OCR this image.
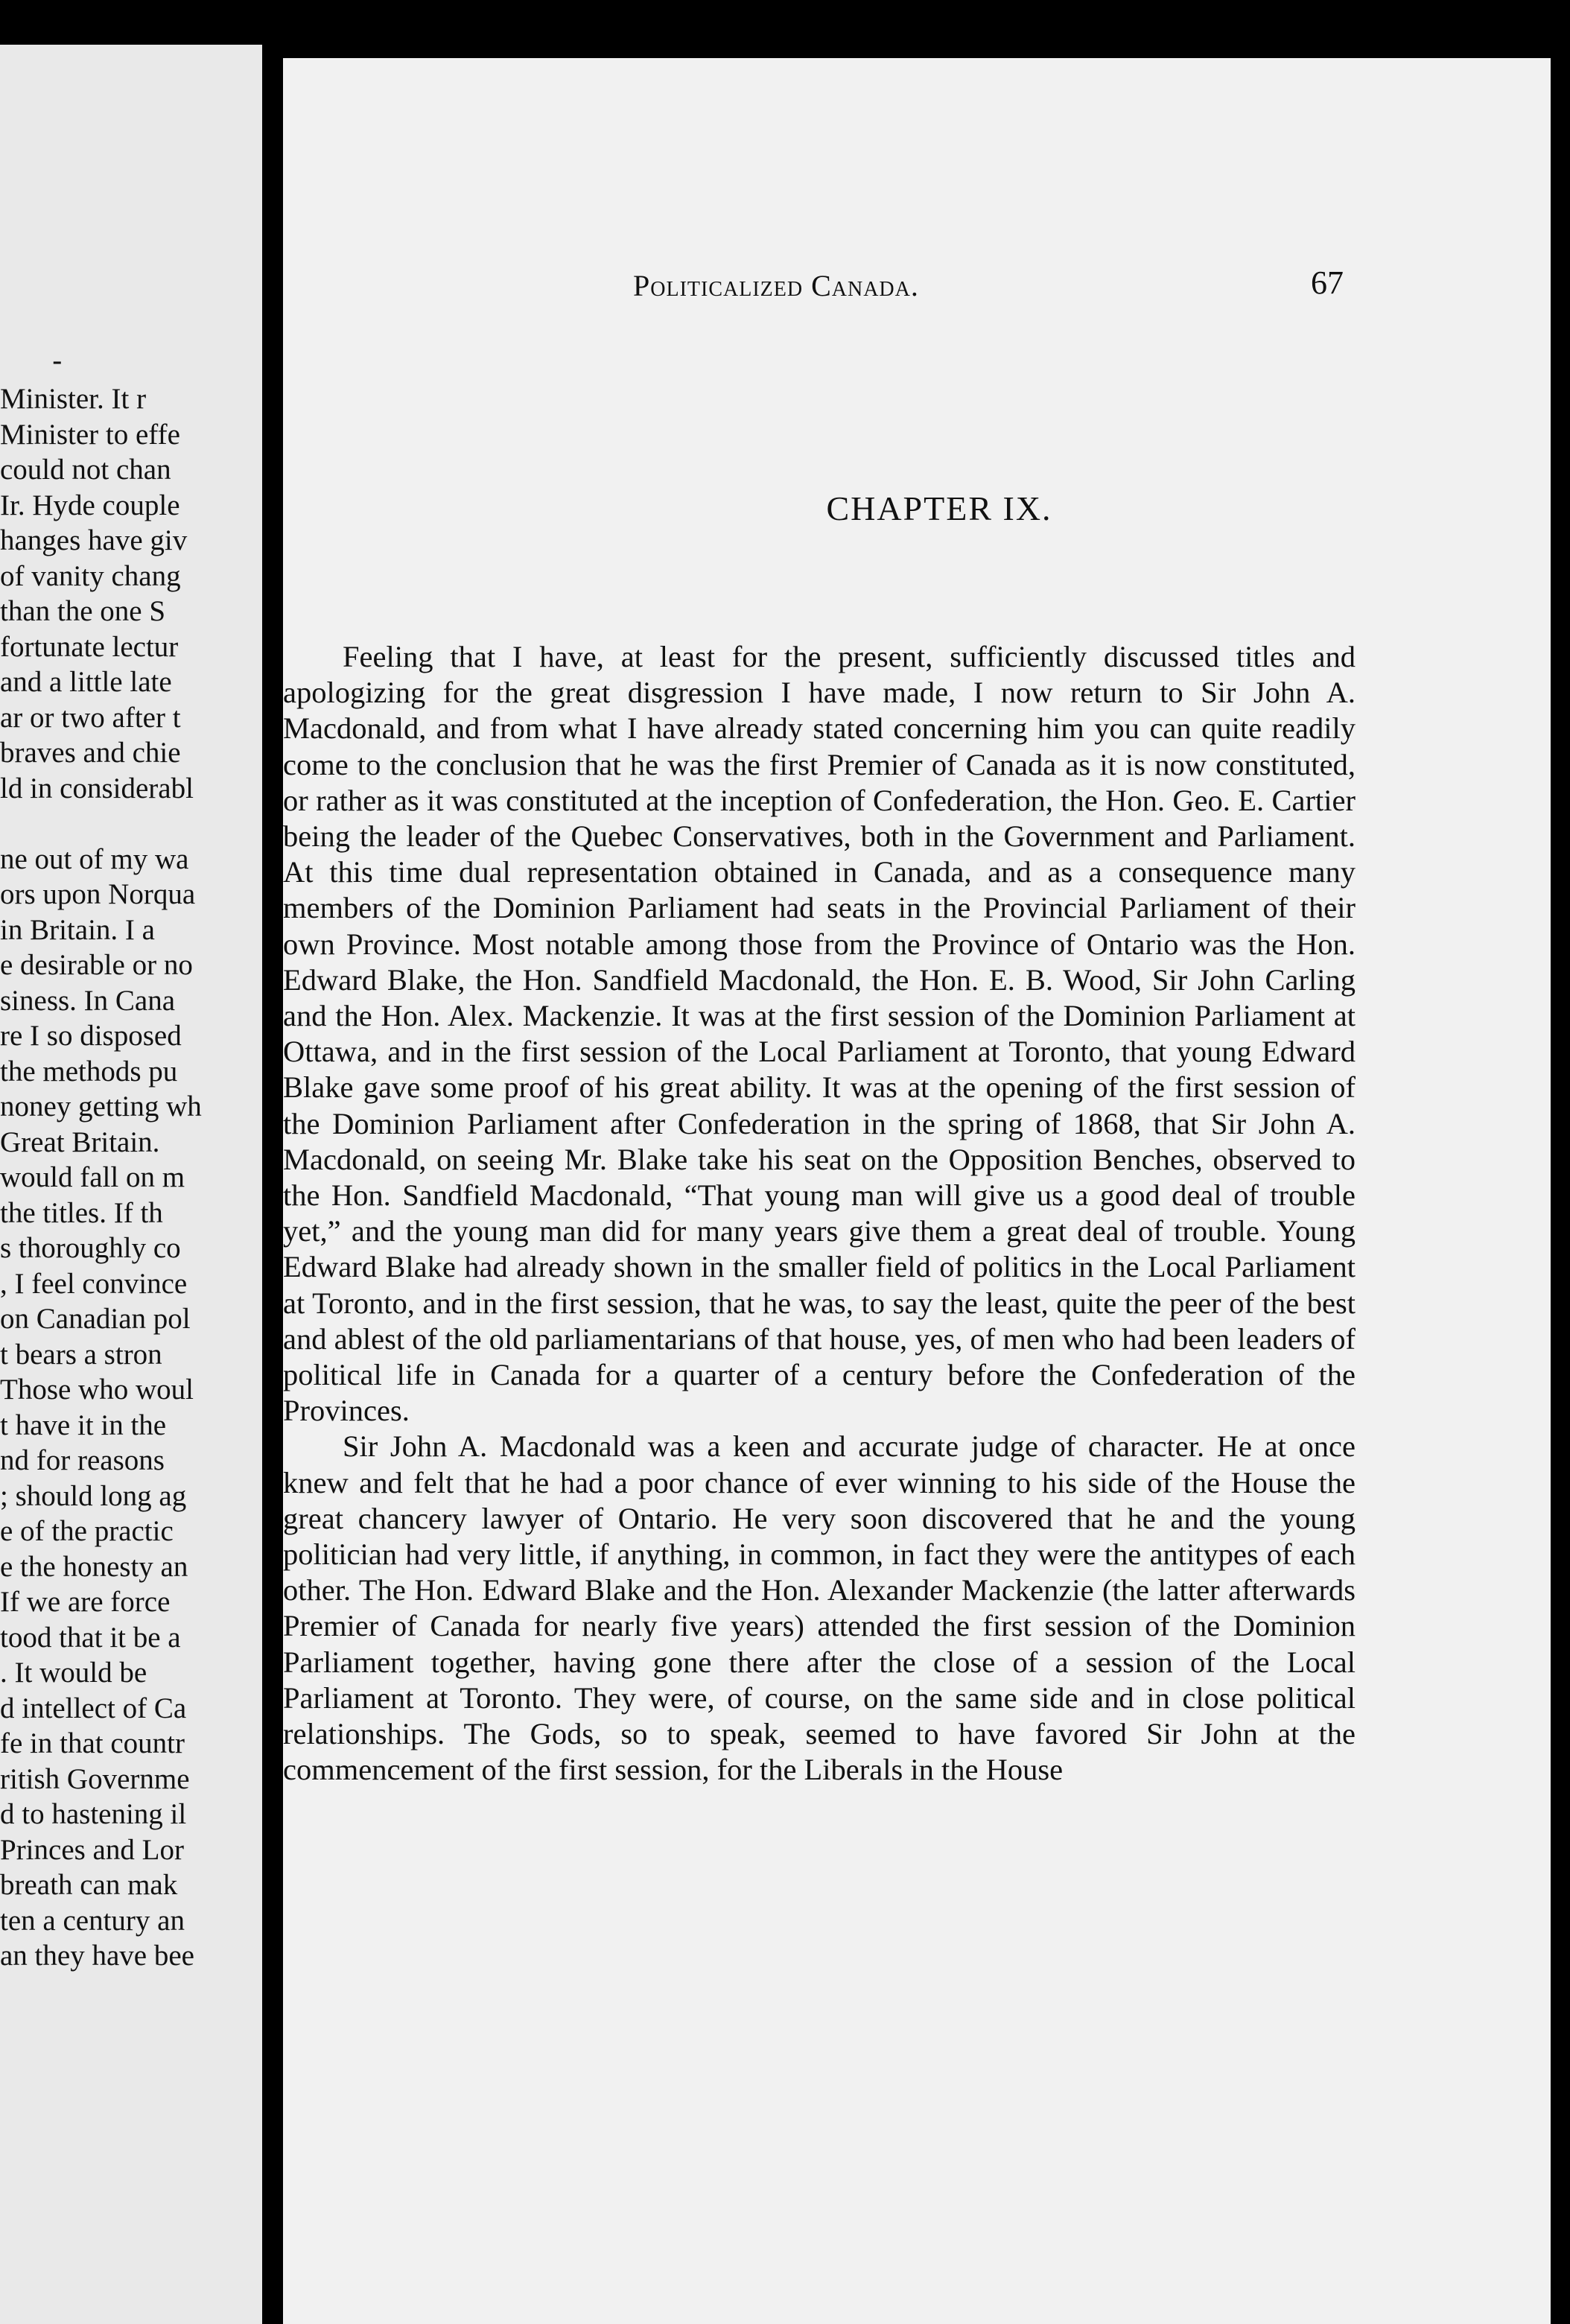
-
Minister. It r
Minister to effe
could not chan
Ir. Hyde couple
hanges have giv
of vanity chang
than the one S
fortunate lectur
and a little late
ar or two after t
braves and chie
ld in considerabl
ne out of my wa
ors upon Norqua
in Britain. I a
e desirable or no
siness. In Cana
re I so disposed
the methods pu
noney getting wh
Great Britain.
would fall on m
the titles. If th
s thoroughly co
, I feel convince
on Canadian pol
t bears a stron
Those who woul
t have it in the
nd for reasons
; should long ag
e of the practic
e the honesty an
If we are force
tood that it be a
. It would be
d intellect of Ca
fe in that countr
ritish Governme
d to hastening il
Princes and Lor
breath can mak
ten a century an
an they have bee
Politicalized Canada.	67
CHAPTER IX.

Feeling that I have, at least for the present, sufficiently discussed titles and apologizing for the great disgression I have made, I now return to Sir John A. Macdonald, and from what I have already stated concerning him you can quite readily come to the conclusion that he was the first Premier of Canada as it is now constituted, or rather as it was constituted at the inception of Confederation, the Hon. Geo. E. Cartier being the leader of the Quebec Conservatives, both in the Government and Parliament. At this time dual representation obtained in Canada, and as a consequence many members of the Dominion Parliament had seats in the Provincial Parliament of their own Province. Most notable among those from the Province of Ontario was the Hon. Edward Blake, the Hon. Sandfield Macdonald, the Hon. E. B. Wood, Sir John Carling and the Hon. Alex. Mackenzie. It was at the first session of the Dominion Parliament at Ottawa, and in the first session of the Local Parliament at Toronto, that young Edward Blake gave some proof of his great ability. It was at the opening of the first session of the Dominion Parliament after Confederation in the spring of 1868, that Sir John A. Macdonald, on seeing Mr. Blake take his seat on the Opposition Benches, observed to the Hon. Sandfield Macdonald, “That young man will give us a good deal of trouble yet,” and the young man did for many years give them a great deal of trouble. Young Edward Blake had already shown in the smaller field of politics in the Local Parliament at Toronto, and in the first session, that he was, to say the least, quite the peer of the best and ablest of the old parliamentarians of that house, yes, of men who had been leaders of political life in Canada for a quarter of a century before the Confederation of the Provinces.

Sir John A. Macdonald was a keen and accurate judge of character. He at once knew and felt that he had a poor chance of ever winning to his side of the House the great chancery lawyer of Ontario. He very soon discovered that he and the young politician had very little, if anything, in common, in fact they were the antitypes of each other. The Hon. Edward Blake and the Hon. Alexander Mackenzie (the latter afterwards Premier of Canada for nearly five years) attended the first session of the Dominion Parliament together, having gone there after the close of a session of the Local Parliament at Toronto. They were, of course, on the same side and in close political relationships. The Gods, so to speak, seemed to have favored Sir John at the commencement of the first session, for the Liberals in the House
